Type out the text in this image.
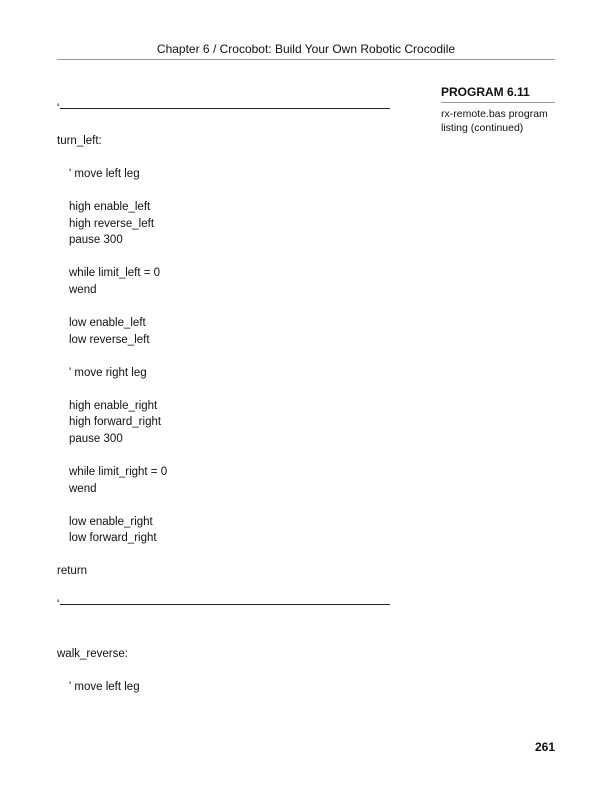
Chapter 6 / Crocobot: Build Your Own Robotic Crocodile
PROGRAM 6.11
rx-remote.bas program
listing (continued)

'

turn_left:
' move left leg
high enable_left
high reverse_left
pause 300
while limit_left = 0
wend
low enable_left
low reverse_left
' move right leg
high enable_right
high forward_right
pause 300
while limit_right = 0
wend
low enable_right
low forward_right
return

'

walk_reverse:
' move left leg
261
